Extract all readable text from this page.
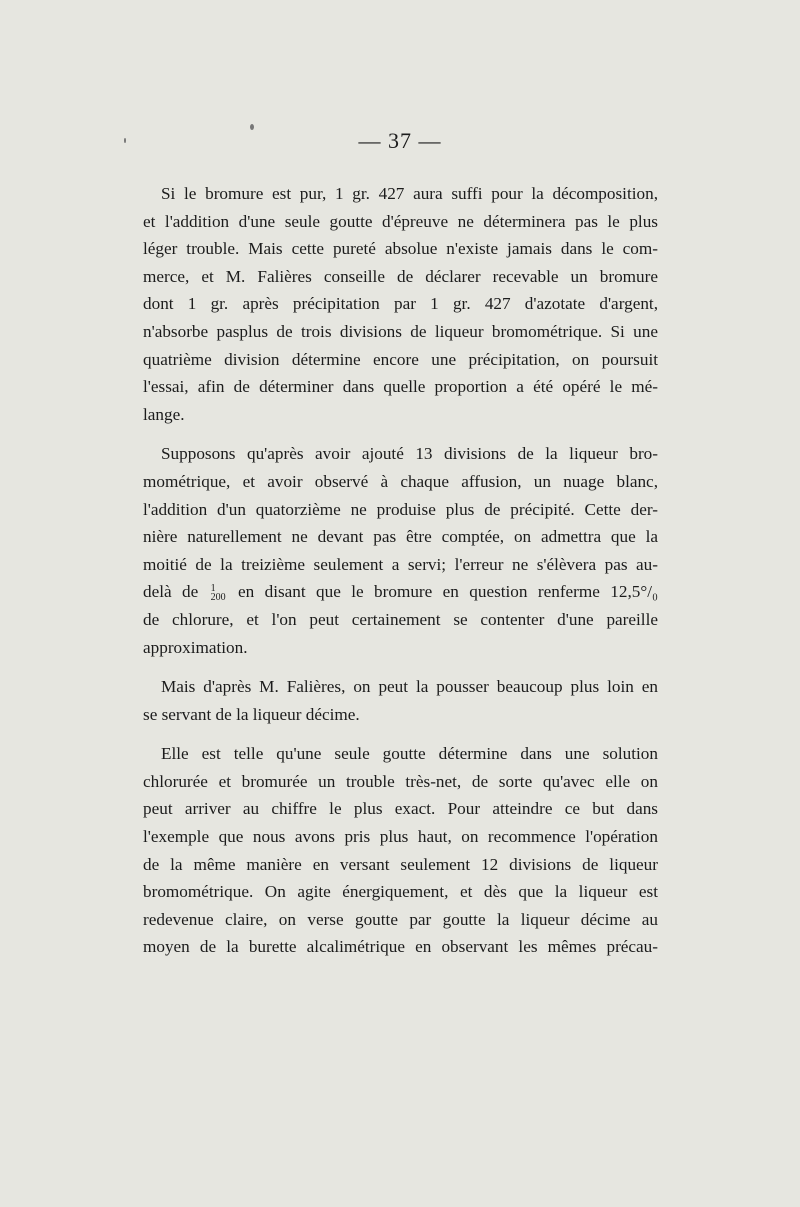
— 37 —
Si le bromure est pur, 1 gr. 427 aura suffi pour la décomposition,
et l'addition d'une seule goutte d'épreuve ne déterminera pas le plus
léger trouble. Mais cette pureté absolue n'existe jamais dans le com-
merce, et M. Falières conseille de déclarer recevable un bromure
dont 1 gr. après précipitation par 1 gr. 427 d'azotate d'argent,
n'absorbe pasplus de trois divisions de liqueur bromométrique. Si une
quatrième division détermine encore une précipitation, on poursuit
l'essai, afin de déterminer dans quelle proportion a été opéré le mé-
lange.
Supposons qu'après avoir ajouté 13 divisions de la liqueur bro-
mométrique, et avoir observé à chaque affusion, un nuage blanc,
l'addition d'un quatorzième ne produise plus de précipité. Cette der-
nière naturellement ne devant pas être comptée, on admettra que la
moitié de la treizième seulement a servi; l'erreur ne s'élèvera pas au-
delà de 1
200 en disant que le bromure en question renferme 12,5°/₀
de chlorure, et l'on peut certainement se contenter d'une pareille
approximation.
Mais d'après M. Falières, on peut la pousser beaucoup plus loin en
se servant de la liqueur décime.
Elle est telle qu'une seule goutte détermine dans une solution
chlorurée et bromurée un trouble très-net, de sorte qu'avec elle on
peut arriver au chiffre le plus exact. Pour atteindre ce but dans
l'exemple que nous avons pris plus haut, on recommence l'opération
de la même manière en versant seulement 12 divisions de liqueur
bromométrique. On agite énergiquement, et dès que la liqueur est
redevenue claire, on verse goutte par goutte la liqueur décime au
moyen de la burette alcalimétrique en observant les mêmes précau-
